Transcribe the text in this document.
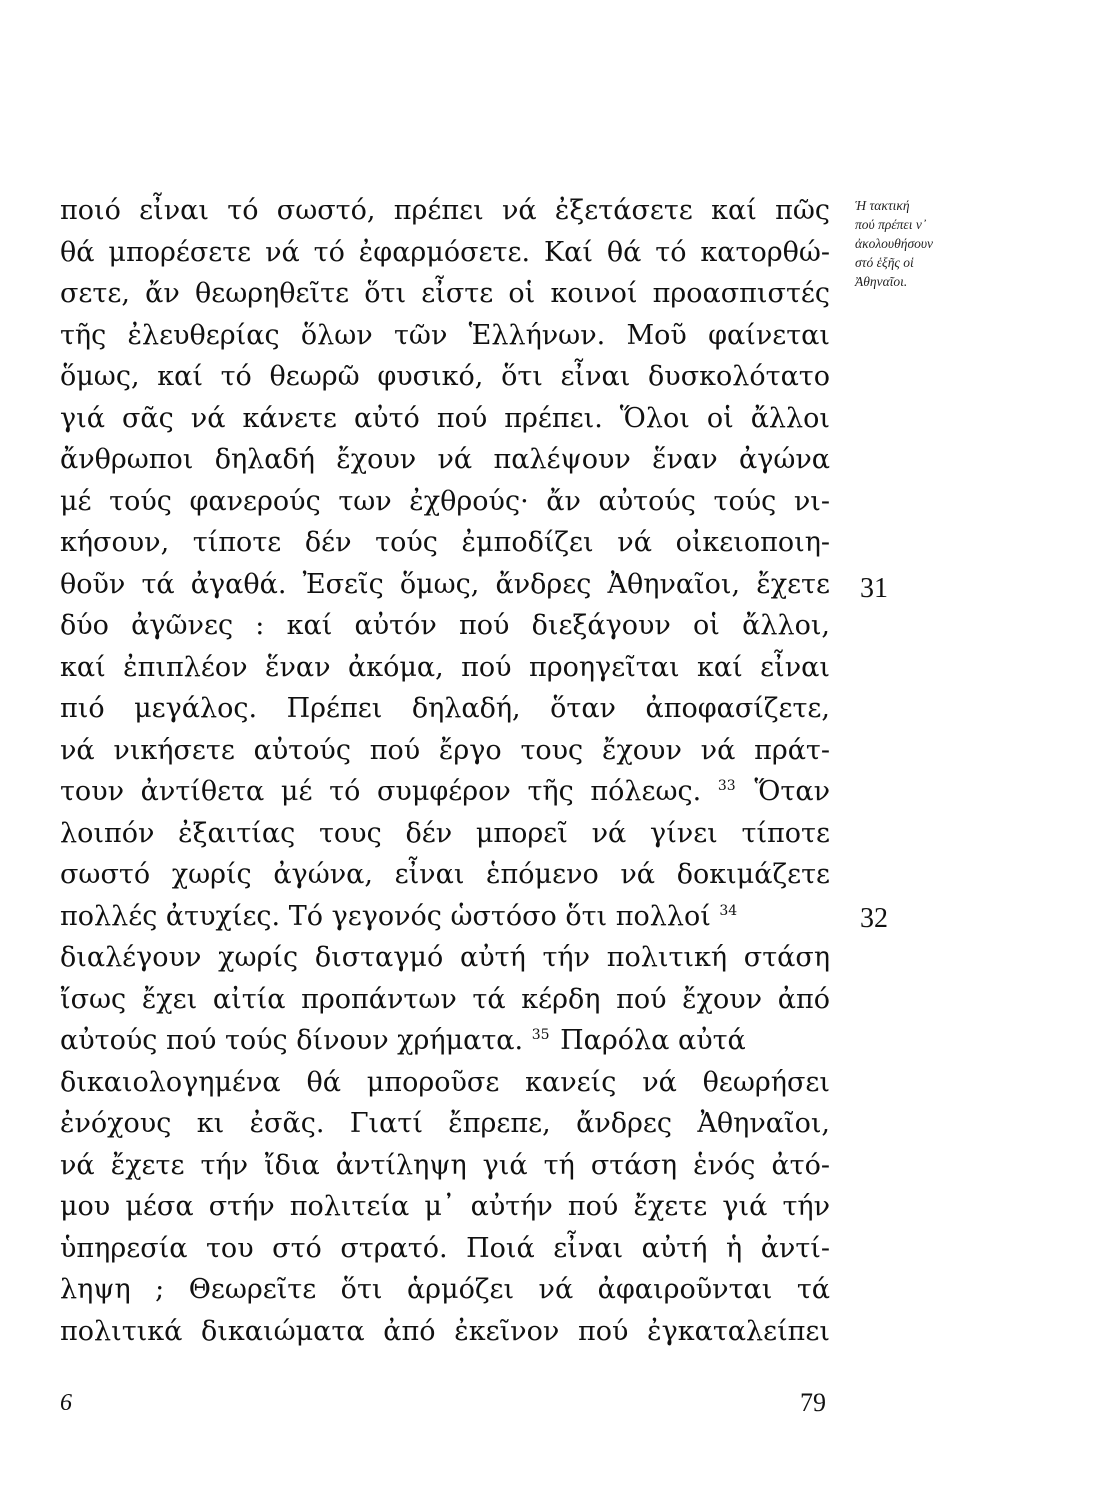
ποιό εἶναι τό σωστό, πρέπει νά ἐξετάσετε καί πῶς
θά μπορέσετε νά τό ἐφαρμόσετε. Καί θά τό κατορθώ-
σετε, ἄν θεωρηθεῖτε ὅτι εἶστε οἱ κοινοί προασπιστές
τῆς ἐλευθερίας ὅλων τῶν Ἑλλήνων. Μοῦ φαίνεται
ὅμως, καί τό θεωρῶ φυσικό, ὅτι εἶναι δυσκολότατο
γιά σᾶς νά κάνετε αὐτό πού πρέπει. Ὅλοι οἱ ἄλλοι
ἄνθρωποι δηλαδή ἔχουν νά παλέψουν ἕναν ἀγώνα
μέ τούς φανερούς των ἐχθρούς· ἄν αὐτούς τούς νι-
κήσουν, τίποτε δέν τούς ἐμποδίζει νά οἰκειοποιη-
θοῦν τά ἀγαθά. Ἐσεῖς ὅμως, ἄνδρες Ἀθηναῖοι, ἔχετε
δύο ἀγῶνες : καί αὐτόν πού διεξάγουν οἱ ἄλλοι,
καί ἐπιπλέον ἕναν ἀκόμα, πού προηγεῖται καί εἶναι
πιό μεγάλος. Πρέπει δηλαδή, ὅταν ἀποφασίζετε,
νά νικήσετε αὐτούς πού ἔργο τους ἔχουν νά πράτ-
τουν ἀντίθετα μέ τό συμφέρον τῆς πόλεως. $^{33}$ Ὅταν
λοιπόν ἐξαιτίας τους δέν μπορεῖ νά γίνει τίποτε
σωστό χωρίς ἀγώνα, εἶναι ἑπόμενο νά δοκιμάζετε
πολλές ἀτυχίες. Τό γεγονός ὡστόσο ὅτι πολλοί $^{34}$
διαλέγουν χωρίς δισταγμό αὐτή τήν πολιτική στάση
ἴσως ἔχει αἰτία προπάντων τά κέρδη πού ἔχουν ἀπό
αὐτούς πού τούς δίνουν χρήματα. $^{35}$ Παρόλα αὐτά
δικαιολογημένα θά μποροῦσε κανείς νά θεωρήσει
ἐνόχους κι ἐσᾶς. Γιατί ἔπρεπε, ἄνδρες Ἀθηναῖοι,
νά ἔχετε τήν ἴδια ἀντίληψη γιά τή στάση ἑνός ἀτό-
μου μέσα στήν πολιτεία μ᾽ αὐτήν πού ἔχετε γιά τήν
ὑπηρεσία του στό στρατό. Ποιά εἶναι αὐτή ἡ ἀντί-
ληψη ; Θεωρεῖτε ὅτι ἁρμόζει νά ἀφαιροῦνται τά
πολιτικά δικαιώματα ἀπό ἐκεῖνον πού ἐγκαταλείπει
Ἡ τακτική
πού πρέπει ν᾽
ἀκολουθήσουν
στό ἑξῆς οἱ
Ἀθηναῖοι.
31
32
6	79
